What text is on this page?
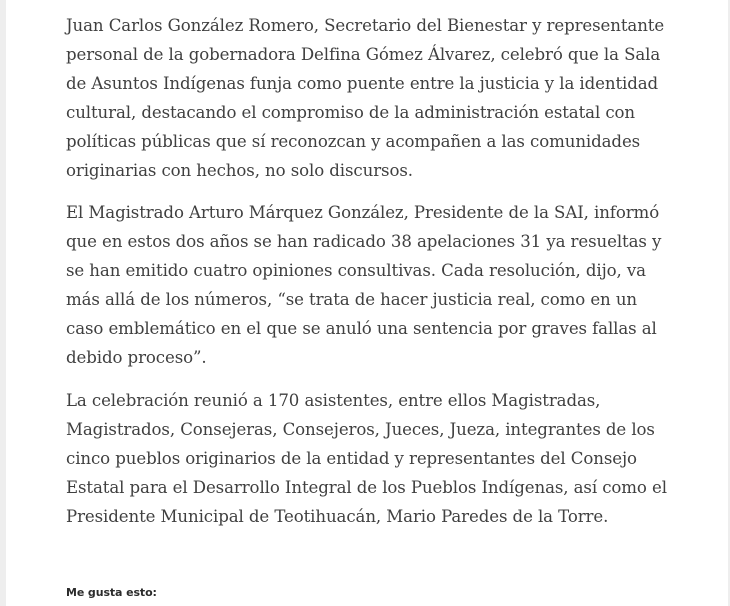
Juan Carlos González Romero, Secretario del Bienestar y representante personal de la gobernadora Delfina Gómez Álvarez, celebró que la Sala de Asuntos Indígenas funja como puente entre la justicia y la identidad cultural, destacando el compromiso de la administración estatal con políticas públicas que sí reconozcan y acompañen a las comunidades originarias con hechos, no solo discursos.

El Magistrado Arturo Márquez González, Presidente de la SAI, informó que en estos dos años se han radicado 38 apelaciones 31 ya resueltas y se han emitido cuatro opiniones consultivas. Cada resolución, dijo, va más allá de los números, “se trata de hacer justicia real, como en un caso emblemático en el que se anuló una sentencia por graves fallas al debido proceso”.

La celebración reunió a 170 asistentes, entre ellos Magistradas, Magistrados, Consejeras, Consejeros, Jueces, Jueza, integrantes de los cinco pueblos originarios de la entidad y representantes del Consejo Estatal para el Desarrollo Integral de los Pueblos Indígenas, así como el Presidente Municipal de Teotihuacán, Mario Paredes de la Torre.

Me gusta esto:
